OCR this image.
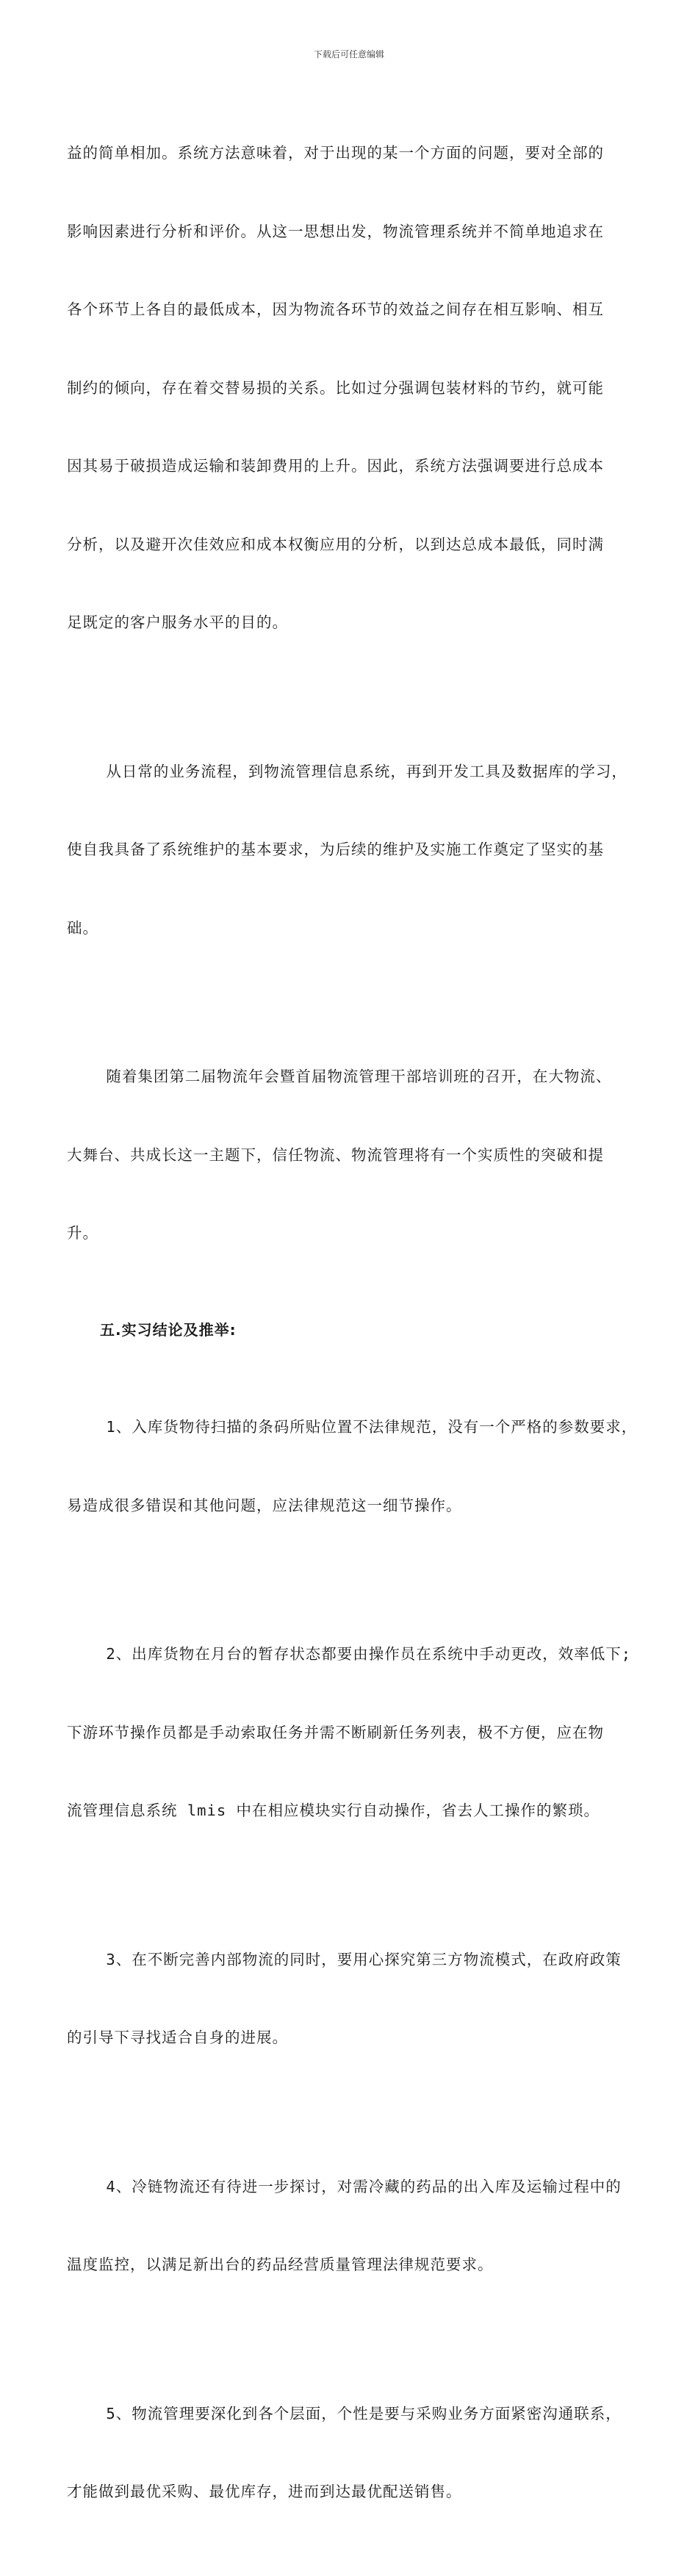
下载后可任意编辑

益的简单相加。系统方法意味着，对于出现的某一个方面的问题，要对全部的

影响因素进行分析和评价。从这一思想出发，物流管理系统并不简单地追求在

各个环节上各自的最低成本，因为物流各环节的效益之间存在相互影响、相互

制约的倾向，存在着交替易损的关系。比如过分强调包装材料的节约，就可能

因其易于破损造成运输和装卸费用的上升。因此，系统方法强调要进行总成本

分析，以及避开次佳效应和成本权衡应用的分析，以到达总成本最低，同时满

足既定的客户服务水平的目的。

从日常的业务流程，到物流管理信息系统，再到开发工具及数据库的学习，

使自我具备了系统维护的基本要求，为后续的维护及实施工作奠定了坚实的基

础。

随着集团第二届物流年会暨首届物流管理干部培训班的召开，在大物流、

大舞台、共成长这一主题下，信任物流、物流管理将有一个实质性的突破和提

升。

五.实习结论及推举:

1、入库货物待扫描的条码所贴位置不法律规范，没有一个严格的参数要求，

易造成很多错误和其他问题，应法律规范这一细节操作。

2、出库货物在月台的暂存状态都要由操作员在系统中手动更改，效率低下;

下游环节操作员都是手动索取任务并需不断刷新任务列表，极不方便，应在物

流管理信息系统 lmis 中在相应模块实行自动操作，省去人工操作的繁琐。

3、在不断完善内部物流的同时，要用心探究第三方物流模式，在政府政策

的引导下寻找适合自身的进展。

4、冷链物流还有待进一步探讨，对需冷藏的药品的出入库及运输过程中的

温度监控，以满足新出台的药品经营质量管理法律规范要求。

5、物流管理要深化到各个层面，个性是要与采购业务方面紧密沟通联系，

才能做到最优采购、最优库存，进而到达最优配送销售。
